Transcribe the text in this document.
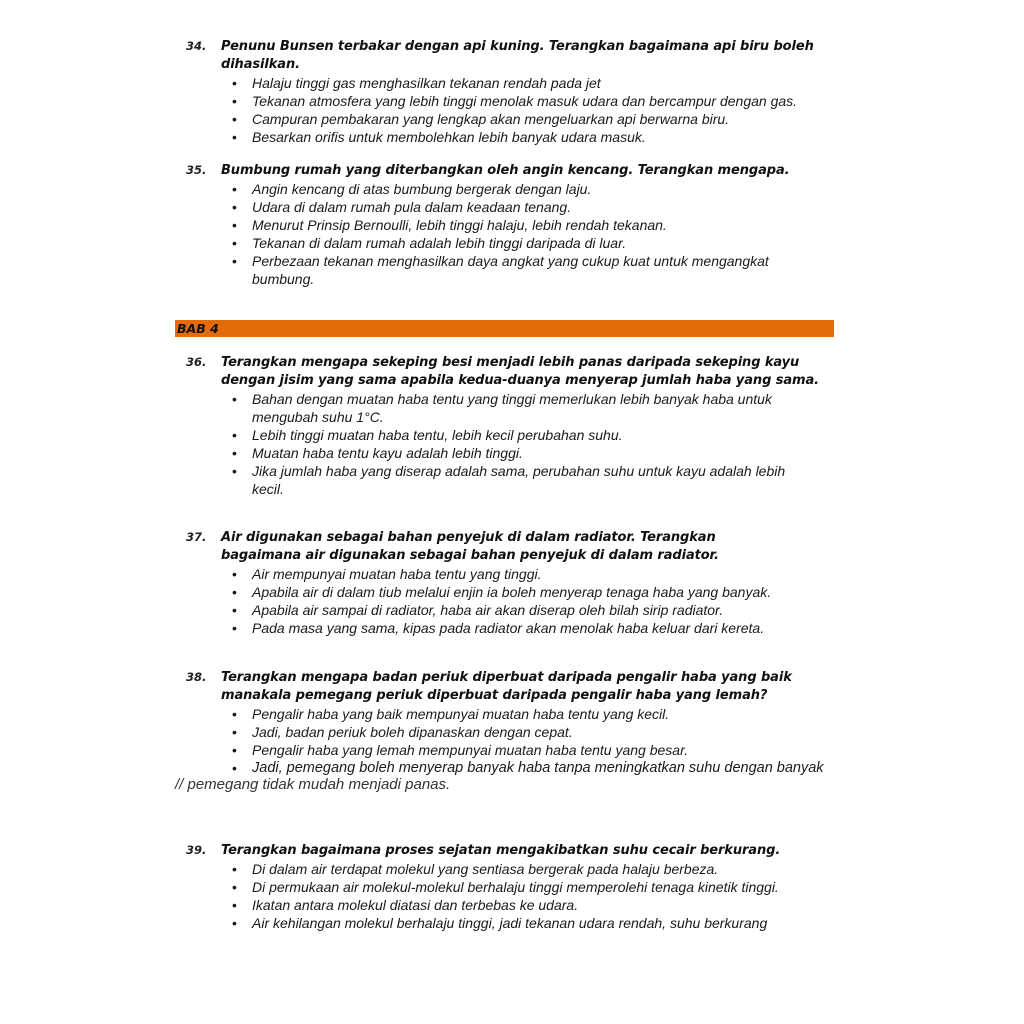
34. Penunu Bunsen terbakar dengan api kuning. Terangkan bagaimana api biru boleh dihasilkan.
• Halaju tinggi gas menghasilkan tekanan rendah pada jet
• Tekanan atmosfera yang lebih tinggi menolak masuk udara dan bercampur dengan gas.
• Campuran pembakaran yang lengkap akan mengeluarkan api berwarna biru.
• Besarkan orifis untuk membolehkan lebih banyak udara masuk.
35. Bumbung rumah yang diterbangkan oleh angin kencang. Terangkan mengapa.
• Angin kencang di atas bumbung bergerak dengan laju.
• Udara di dalam rumah pula dalam keadaan tenang.
• Menurut Prinsip Bernoulli, lebih tinggi halaju, lebih rendah tekanan.
• Tekanan di dalam rumah adalah lebih tinggi daripada di luar.
• Perbezaan tekanan menghasilkan daya angkat yang cukup kuat untuk mengangkat bumbung.
BAB 4
36. Terangkan mengapa sekeping besi menjadi lebih panas daripada sekeping kayu dengan jisim yang sama apabila kedua-duanya menyerap jumlah haba yang sama.
• Bahan dengan muatan haba tentu yang tinggi memerlukan lebih banyak haba untuk mengubah suhu 1°C.
• Lebih tinggi muatan haba tentu, lebih kecil perubahan suhu.
• Muatan haba tentu kayu adalah lebih tinggi.
• Jika jumlah haba yang diserap adalah sama, perubahan suhu untuk kayu adalah lebih kecil.
37. Air digunakan sebagai bahan penyejuk di dalam radiator. Terangkan bagaimana air digunakan sebagai bahan penyejuk di dalam radiator.
• Air mempunyai muatan haba tentu yang tinggi.
• Apabila air di dalam tiub melalui enjin ia boleh menyerap tenaga haba yang banyak.
• Apabila air sampai di radiator, haba air akan diserap oleh bilah sirip radiator.
• Pada masa yang sama, kipas pada radiator akan menolak haba keluar dari kereta.
38. Terangkan mengapa badan periuk diperbuat daripada pengalir haba yang baik manakala pemegang periuk diperbuat daripada pengalir haba yang lemah?
• Pengalir haba yang baik mempunyai muatan haba tentu yang kecil.
• Jadi, badan periuk boleh dipanaskan dengan cepat.
• Pengalir haba yang lemah mempunyai muatan haba tentu yang besar.
• Jadi, pemegang boleh menyerap banyak haba tanpa meningkatkan suhu dengan banyak
// pemegang tidak mudah menjadi panas.
39. Terangkan bagaimana proses sejatan mengakibatkan suhu cecair berkurang.
• Di dalam air terdapat molekul yang sentiasa bergerak pada halaju berbeza.
• Di permukaan air molekul-molekul berhalaju tinggi memperolehi tenaga kinetik tinggi.
• Ikatan antara molekul diatasi dan terbebas ke udara.
• Air kehilangan molekul berhalaju tinggi, jadi tekanan udara rendah, suhu berkurang
